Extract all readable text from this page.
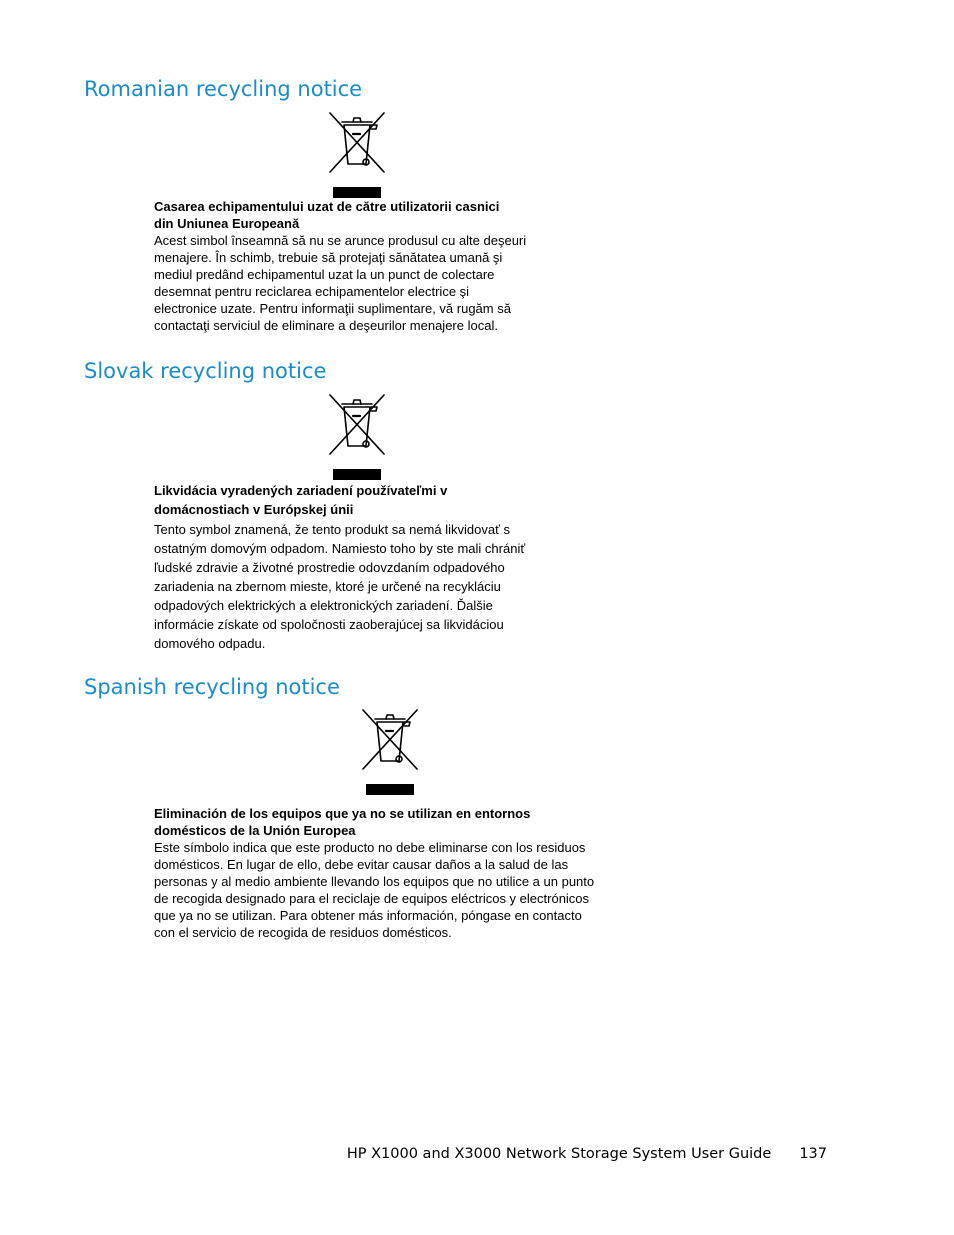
Romanian recycling notice

Casarea echipamentului uzat de către utilizatorii casnici
din Uniunea Europeană

Acest simbol înseamnă să nu se arunce produsul cu alte deşeuri
menajere. În schimb, trebuie să protejaţi sănătatea umană şi
mediul predând echipamentul uzat la un punct de colectare
desemnat pentru reciclarea echipamentelor electrice şi
electronice uzate. Pentru informaţii suplimentare, vă rugăm să
contactaţi serviciul de eliminare a deşeurilor menajere local.

Slovak recycling notice

Likvidácia vyradených zariadení používateľmi v
domácnostiach v Európskej únii

Tento symbol znamená, že tento produkt sa nemá likvidovať s
ostatným domovým odpadom. Namiesto toho by ste mali chrániť
ľudské zdravie a životné prostredie odovzdaním odpadového
zariadenia na zbernom mieste, ktoré je určené na recykláciu
odpadových elektrických a elektronických zariadení. Ďalšie
informácie získate od spoločnosti zaoberajúcej sa likvidáciou
domového odpadu.

Spanish recycling notice

Eliminación de los equipos que ya no se utilizan en entornos
domésticos de la Unión Europea

Este símbolo indica que este producto no debe eliminarse con los residuos
domésticos. En lugar de ello, debe evitar causar daños a la salud de las
personas y al medio ambiente llevando los equipos que no utilice a un punto
de recogida designado para el reciclaje de equipos eléctricos y electrónicos
que ya no se utilizan. Para obtener más información, póngase en contacto
con el servicio de recogida de residuos domésticos.

HP X1000 and X3000 Network Storage System User Guide 137
